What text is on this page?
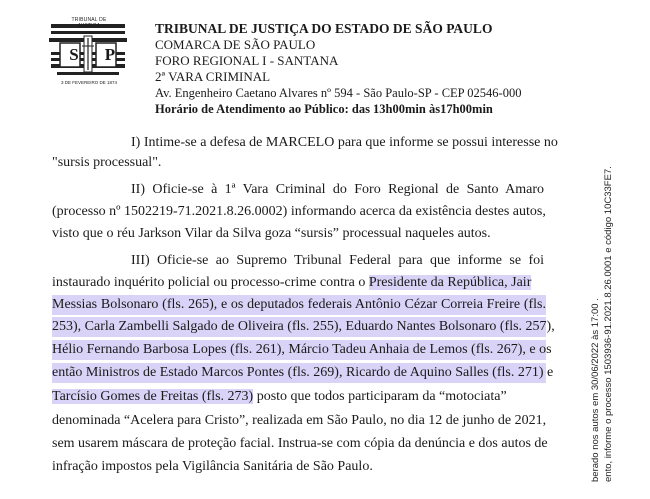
TRIBUNAL DE JUSTIÇA
S	P
3 DE FEVEREIRO DE 1874
TRIBUNAL DE JUSTIÇA DO ESTADO DE SÃO PAULO
COMARCA DE SÃO PAULO
FORO REGIONAL I - SANTANA
2ª VARA CRIMINAL
Av. Engenheiro Caetano Alvares nº 594 - São Paulo-SP - CEP 02546-000
Horário de Atendimento ao Público: das 13h00min às17h00min
I) Intime-se a defesa de MARCELO para que informe se possui interesse no
"sursis processual".
II) Oficie-se à 1ª Vara Criminal do Foro Regional de Santo Amaro
(processo nº 1502219-71.2021.8.26.0002) informando acerca da existência destes autos,
visto que o réu Jarkson Vilar da Silva goza “sursis” processual naqueles autos.
III) Oficie-se ao Supremo Tribunal Federal para que informe se foi
instaurado inquérito policial ou processo-crime contra o Presidente da República, Jair
Messias Bolsonaro (fls. 265), e os deputados federais Antônio Cézar Correia Freire (fls.
253), Carla Zambelli Salgado de Oliveira (fls. 255), Eduardo Nantes Bolsonaro (fls. 257),
Hélio Fernando Barbosa Lopes (fls. 261), Márcio Tadeu Anhaia de Lemos (fls. 267), e os
então Ministros de Estado Marcos Pontes (fls. 269), Ricardo de Aquino Salles (fls. 271) e
Tarcísio Gomes de Freitas (fls. 273) posto que todos participaram da “motociata”
denominada “Acelera para Cristo”, realizada em São Paulo, no dia 12 de junho de 2021,
sem usarem máscara de proteção facial. Instrua-se com cópia da denúncia e dos autos de
infração impostos pela Vigilância Sanitária de São Paulo.	berado nos autos em 30/06/2022 às 17:00 . ento, informe o processo 1503936-91.2021.8.26.0001 e código 10C33FE7.
